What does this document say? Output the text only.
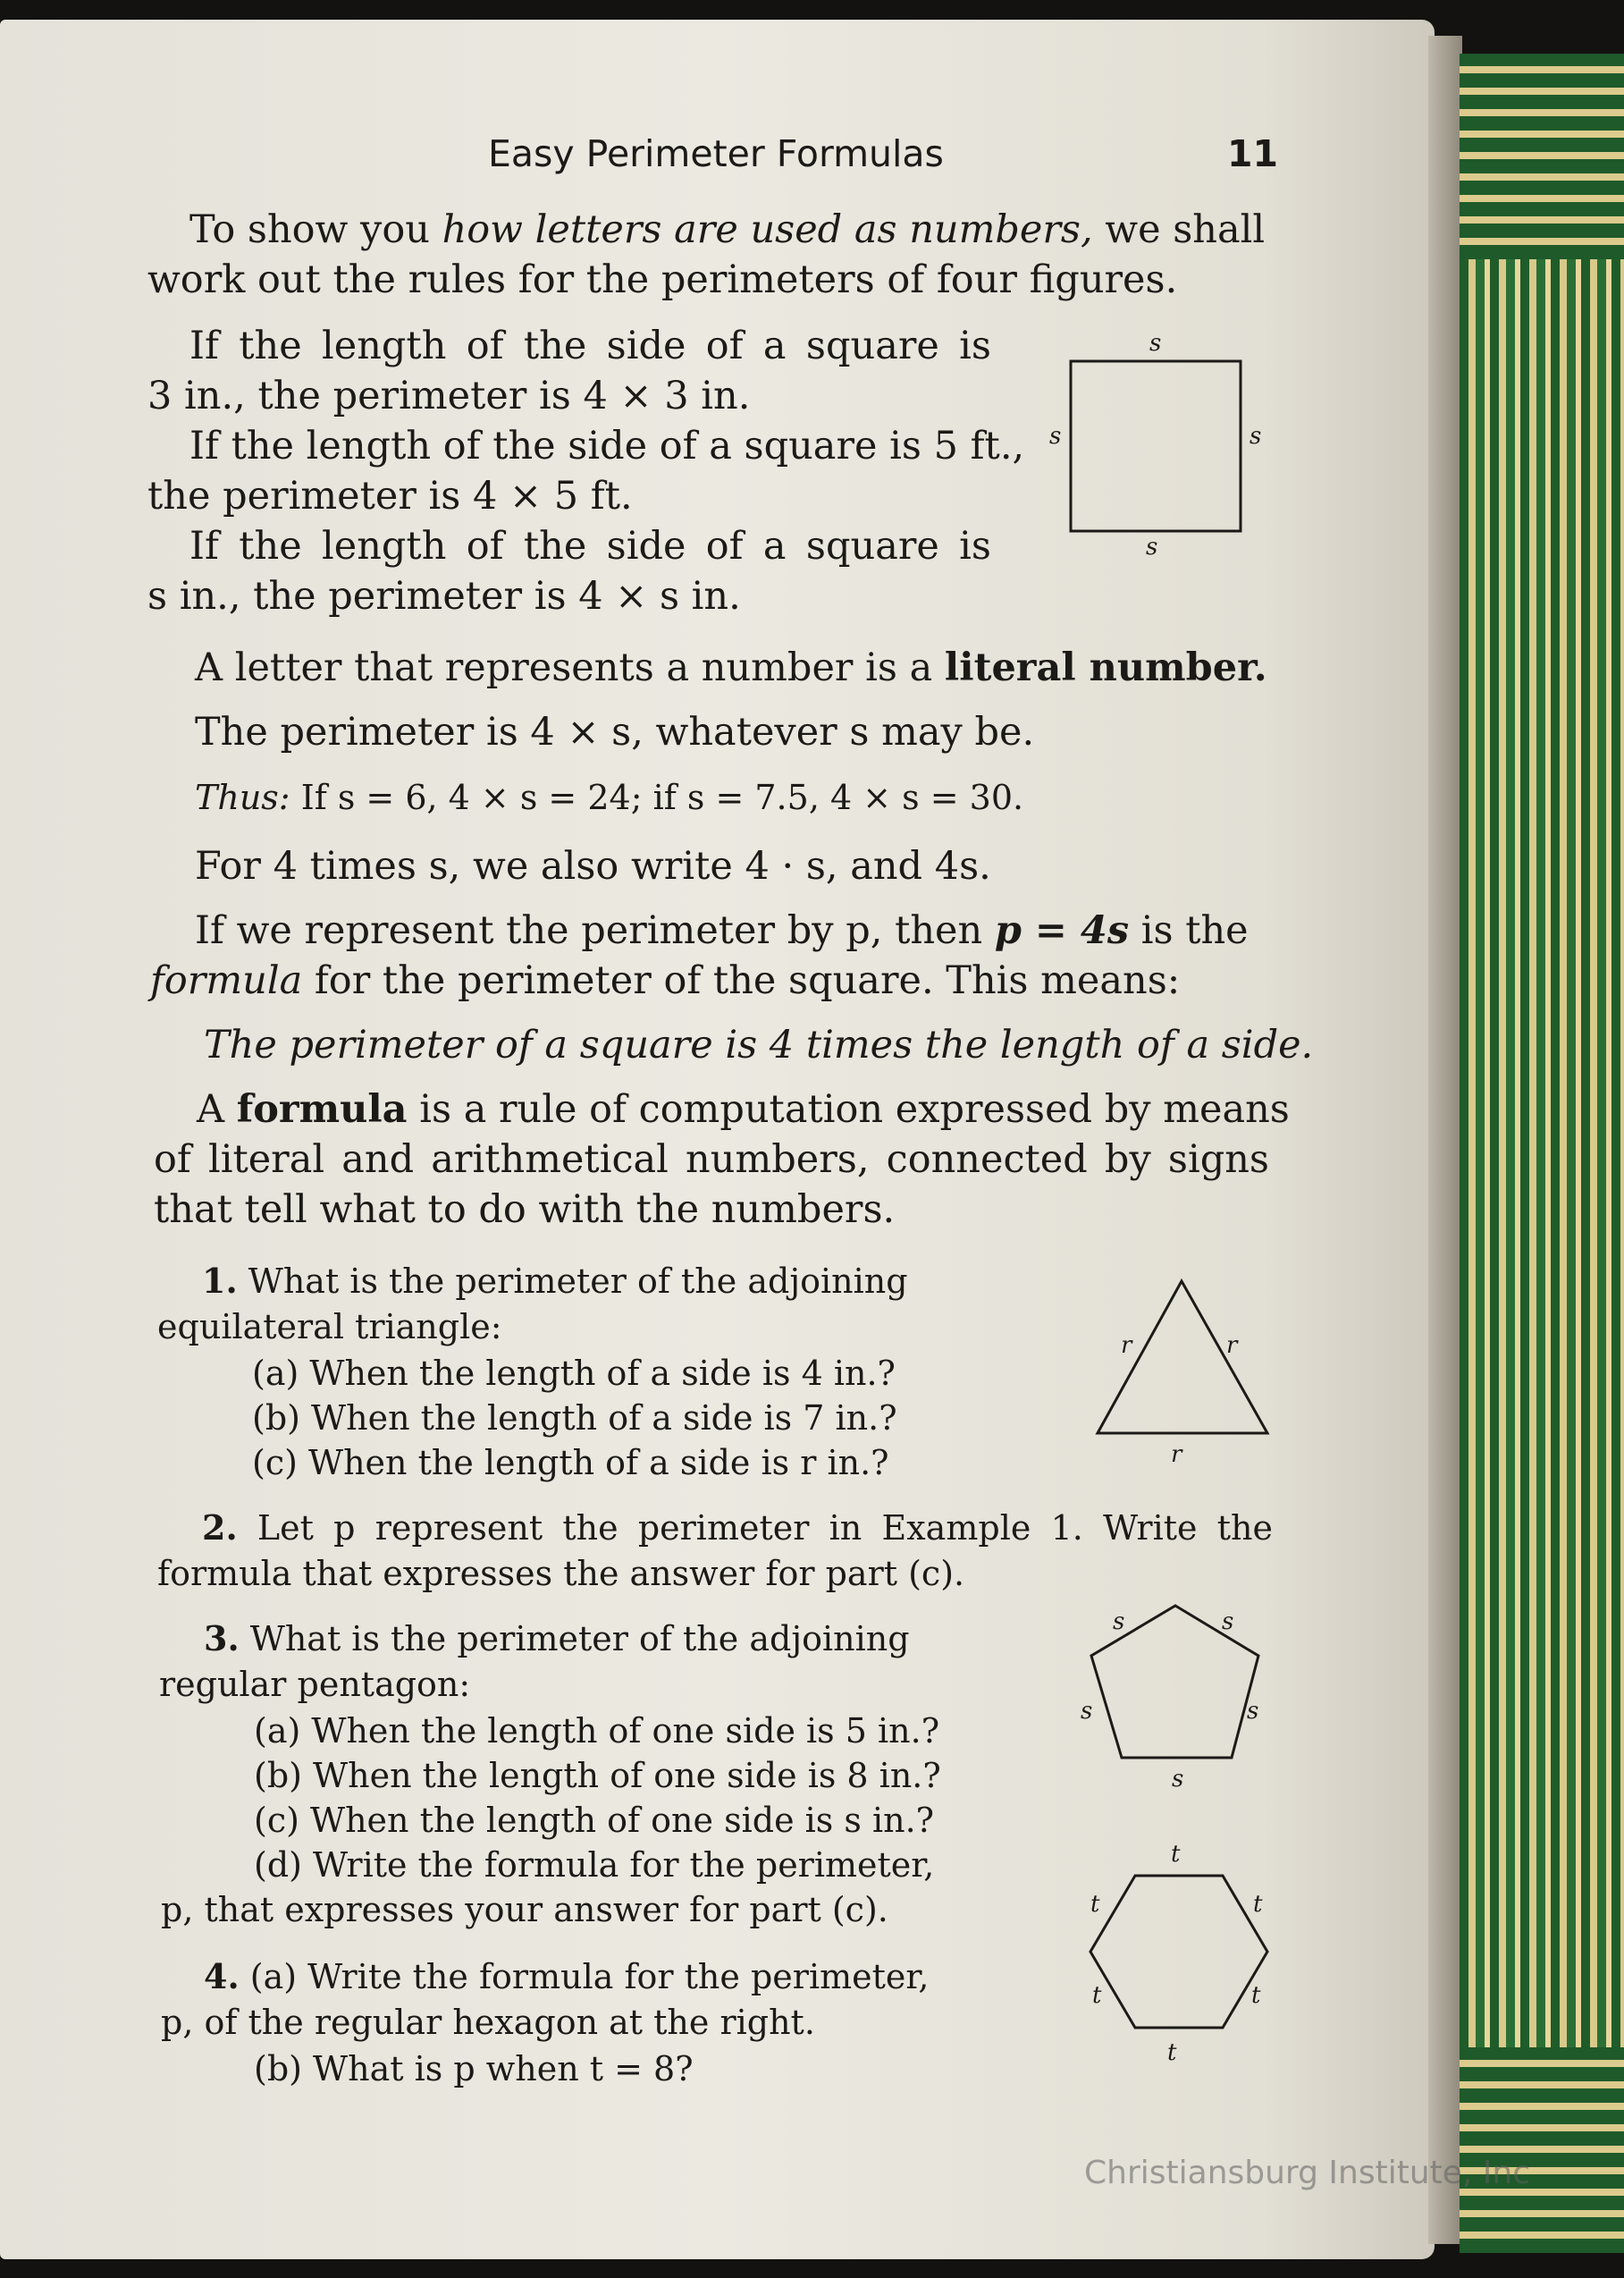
Easy Perimeter Formulas	11
To show you how letters are used as numbers, we shall
work out the rules for the perimeters of four figures.
If the length of the side of a square is
3 in., the perimeter is 4 × 3 in.
If the length of the side of a square is 5 ft.,
the perimeter is 4 × 5 ft.
If the length of the side of a square is
s in., the perimeter is 4 × s in.
s
s	s
s
A letter that represents a number is a literal number.
The perimeter is 4 × s, whatever s may be.
Thus: If s = 6, 4 × s = 24; if s = 7.5, 4 × s = 30.
For 4 times s, we also write 4 · s, and 4s.
If we represent the perimeter by p, then p = 4s is the
formula for the perimeter of the square. This means:
The perimeter of a square is 4 times the length of a side.
A formula is a rule of computation expressed by means
of literal and arithmetical numbers, connected by signs
that tell what to do with the numbers.
1. What is the perimeter of the adjoining
equilateral triangle:
(a) When the length of a side is 4 in.?
(b) When the length of a side is 7 in.?
(c) When the length of a side is r in.?
r	r
r
2. Let p represent the perimeter in Example 1. Write the
formula that expresses the answer for part (c).
3. What is the perimeter of the adjoining
regular pentagon:
(a) When the length of one side is 5 in.?
(b) When the length of one side is 8 in.?
(c) When the length of one side is s in.?
(d) Write the formula for the perimeter,
p, that expresses your answer for part (c).
s	s
s	s
s
4. (a) Write the formula for the perimeter,
p, of the regular hexagon at the right.
(b) What is p when t = 8?
t
t	t
t	t
t
Christiansburg Institute, Inc
